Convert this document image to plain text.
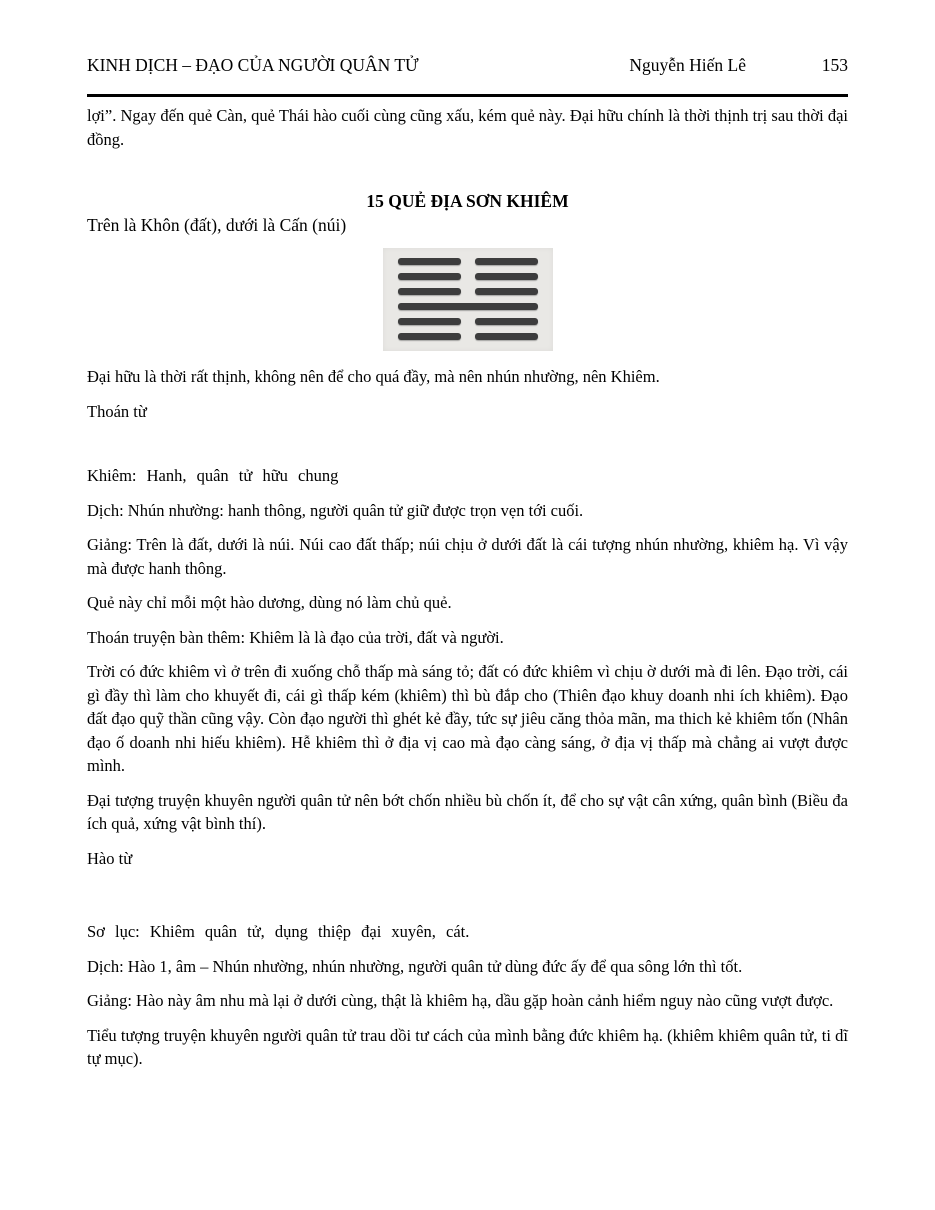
KINH DỊCH – ĐẠO CỦA NGƯỜI QUÂN TỬ	Nguyễn Hiến Lê	153

lợi”. Ngay đến quẻ Càn, quẻ Thái hào cuối cùng cũng xấu, kém quẻ này. Đại hữu chính là thời thịnh trị sau thời đại đồng.

15 QUẺ ĐỊA SƠN KHIÊM

Trên là Khôn (đất), dưới là Cấn (núi)

Đại hữu là thời rất thịnh, không nên để cho quá đầy, mà nên nhún nhường, nên Khiêm.

Thoán từ

Khiêm: Hanh, quân tử hữu chung

Dịch: Nhún nhường: hanh thông, người quân tử giữ được trọn vẹn tới cuối.

Giảng: Trên là đất, dưới là núi. Núi cao đất thấp; núi chịu ở dưới đất là cái tượng nhún nhường, khiêm hạ. Vì vậy mà được hanh thông.

Quẻ này chỉ mỗi một hào dương, dùng nó làm chủ quẻ.

Thoán truyện bàn thêm: Khiêm là là đạo của trời, đất và người.

Trời có đức khiêm vì ở trên đi xuống chỗ thấp mà sáng tỏ; đất có đức khiêm vì chịu ờ dưới mà đi lên. Đạo trời, cái gì đầy thì làm cho khuyết đi, cái gì thấp kém (khiêm) thì bù đắp cho (Thiên đạo khuy doanh nhi ích khiêm). Đạo đất đạo quỹ thần cũng vậy. Còn đạo người thì ghét kẻ đầy, tức sự jiêu căng thỏa mãn, ma thich kẻ khiêm tốn (Nhân đạo ố doanh nhi hiếu khiêm). Hễ khiêm thì ở địa vị cao mà đạo càng sáng, ở địa vị thấp mà chẳng ai vượt được mình.

Đại tượng truyện khuyên người quân tử nên bớt chốn nhiều bù chốn ít, để cho sự vật cân xứng, quân bình (Biều đa ích quả, xứng vật bình thí).

Hào từ

Sơ lục: Khiêm quân tử, dụng thiệp đại xuyên, cát.

Dịch: Hào 1, âm – Nhún nhường, nhún nhường, người quân tử dùng đức ấy để qua sông lớn thì tốt.

Giảng: Hào này âm nhu mà lại ở dưới cùng, thật là khiêm hạ, dầu gặp hoàn cảnh hiểm nguy nào cũng vượt được.

Tiểu tượng truyện khuyên người quân tử trau dồi tư cách của mình bằng đức khiêm hạ. (khiêm khiêm quân tử, ti dĩ tự mục).
